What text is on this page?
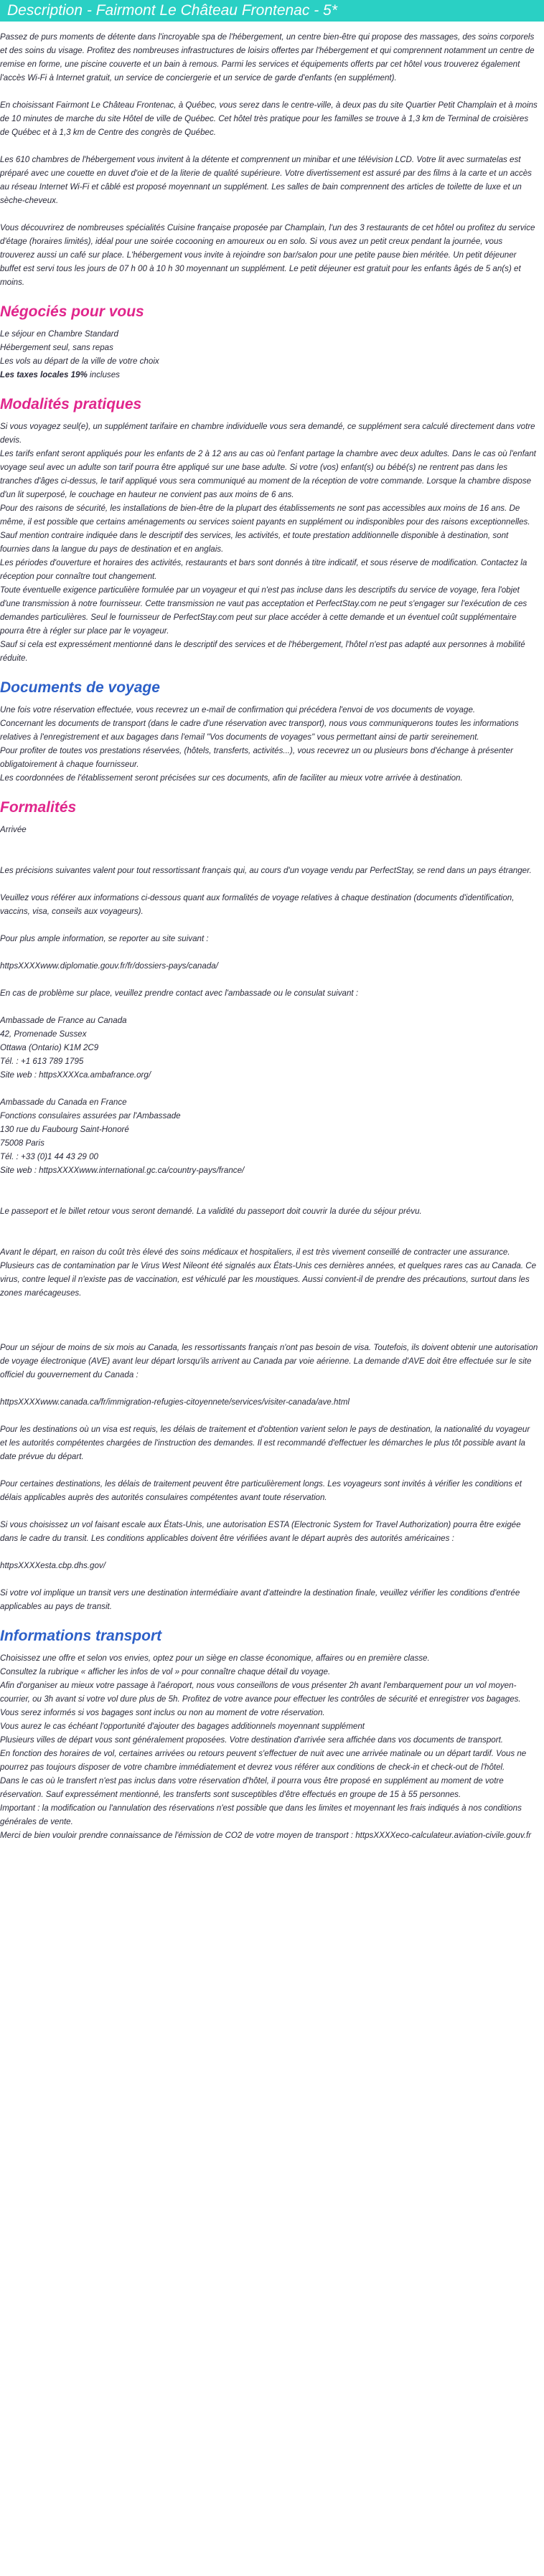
Description - Fairmont Le Château Frontenac - 5*

Passez de purs moments de détente dans l'incroyable spa de l'hébergement, un centre bien-être qui propose des massages, des soins corporels et des soins du visage. Profitez des nombreuses infrastructures de loisirs offertes par l'hébergement et qui comprennent notamment un centre de remise en forme, une piscine couverte et un bain à remous. Parmi les services et équipements offerts par cet hôtel vous trouverez également l'accès Wi-Fi à Internet gratuit, un service de conciergerie et un service de garde d'enfants (en supplément).

En choisissant Fairmont Le Château Frontenac, à Québec, vous serez dans le centre-ville, à deux pas du site Quartier Petit Champlain et à moins de 10 minutes de marche du site Hôtel de ville de Québec. Cet hôtel très pratique pour les familles se trouve à 1,3 km de Terminal de croisières de Québec et à 1,3 km de Centre des congrès de Québec.

Les 610 chambres de l'hébergement vous invitent à la détente et comprennent un minibar et une télévision LCD. Votre lit avec surmatelas est préparé avec une couette en duvet d'oie et de la literie de qualité supérieure. Votre divertissement est assuré par des films à la carte et un accès au réseau Internet Wi-Fi et câblé est proposé moyennant un supplément. Les salles de bain comprennent des articles de toilette de luxe et un sèche-cheveux.

Vous découvrirez de nombreuses spécialités Cuisine française proposée par Champlain, l'un des 3 restaurants de cet hôtel ou profitez du service d'étage (horaires limités), idéal pour une soirée cocooning en amoureux ou en solo. Si vous avez un petit creux pendant la journée, vous trouverez aussi un café sur place. L'hébergement vous invite à rejoindre son bar/salon pour une petite pause bien méritée. Un petit déjeuner buffet est servi tous les jours de 07 h 00 à 10 h 30 moyennant un supplément. Le petit déjeuner est gratuit pour les enfants âgés de 5 an(s) et moins.

Négociés pour vous

Le séjour en Chambre Standard

Hébergement seul, sans repas

Les vols au départ de la ville de votre choix

Les taxes locales 19% incluses

Modalités pratiques

Si vous voyagez seul(e), un supplément tarifaire en chambre individuelle vous sera demandé, ce supplément sera calculé directement dans votre devis.

Les tarifs enfant seront appliqués pour les enfants de 2 à 12 ans au cas où l'enfant partage la chambre avec deux adultes. Dans le cas où l'enfant voyage seul avec un adulte son tarif pourra être appliqué sur une base adulte. Si votre (vos) enfant(s) ou bébé(s) ne rentrent pas dans les tranches d'âges ci-dessus, le tarif appliqué vous sera communiqué au moment de la réception de votre commande. Lorsque la chambre dispose d'un lit superposé, le couchage en hauteur ne convient pas aux moins de 6 ans.

Pour des raisons de sécurité, les installations de bien-être de la plupart des établissements ne sont pas accessibles aux moins de 16 ans. De même, il est possible que certains aménagements ou services soient payants en supplément ou indisponibles pour des raisons exceptionnelles.

Sauf mention contraire indiquée dans le descriptif des services, les activités, et toute prestation additionnelle disponible à destination, sont fournies dans la langue du pays de destination et en anglais.

Les périodes d'ouverture et horaires des activités, restaurants et bars sont donnés à titre indicatif, et sous réserve de modification. Contactez la réception pour connaître tout changement.

Toute éventuelle exigence particulière formulée par un voyageur et qui n'est pas incluse dans les descriptifs du service de voyage, fera l'objet d'une transmission à notre fournisseur. Cette transmission ne vaut pas acceptation et PerfectStay.com ne peut s'engager sur l'exécution de ces demandes particulières. Seul le fournisseur de PerfectStay.com peut sur place accéder à cette demande et un éventuel coût supplémentaire pourra être à régler sur place par le voyageur.

Sauf si cela est expressément mentionné dans le descriptif des services et de l'hébergement, l'hôtel n'est pas adapté aux personnes à mobilité réduite.

Documents de voyage

Une fois votre réservation effectuée, vous recevrez un e-mail de confirmation qui précédera l'envoi de vos documents de voyage.

Concernant les documents de transport (dans le cadre d'une réservation avec transport), nous vous communiquerons toutes les informations relatives à l'enregistrement et aux bagages dans l'email "Vos documents de voyages" vous permettant ainsi de partir sereinement.

Pour profiter de toutes vos prestations réservées, (hôtels, transferts, activités...), vous recevrez un ou plusieurs bons d'échange à présenter obligatoirement à chaque fournisseur.

Les coordonnées de l'établissement seront précisées sur ces documents, afin de faciliter au mieux votre arrivée à destination.

Formalités

Arrivée

Les précisions suivantes valent pour tout ressortissant français qui, au cours d'un voyage vendu par PerfectStay, se rend dans un pays étranger.

Veuillez vous référer aux informations ci-dessous quant aux formalités de voyage relatives à chaque destination (documents d'identification, vaccins, visa, conseils aux voyageurs).

Pour plus ample information, se reporter au site suivant :

httpsXXXXwww.diplomatie.gouv.fr/fr/dossiers-pays/canada/

En cas de problème sur place, veuillez prendre contact avec l'ambassade ou le consulat suivant :

Ambassade de France au Canada

42, Promenade Sussex

Ottawa (Ontario) K1M 2C9

Tél. : +1 613 789 1795

Site web : httpsXXXXca.ambafrance.org/

Ambassade du Canada en France

Fonctions consulaires assurées par l'Ambassade

130 rue du Faubourg Saint-Honoré

75008 Paris

Tél. : +33 (0)1 44 43 29 00

Site web : httpsXXXXwww.international.gc.ca/country-pays/france/

Le passeport et le billet retour vous seront demandé. La validité du passeport doit couvrir la durée du séjour prévu.

Avant le départ, en raison du coût très élevé des soins médicaux et hospitaliers, il est très vivement conseillé de contracter une assurance.

Plusieurs cas de contamination par le Virus West Nileont été signalés aux États-Unis ces dernières années, et quelques rares cas au Canada. Ce virus, contre lequel il n'existe pas de vaccination, est véhiculé par les moustiques. Aussi convient-il de prendre des précautions, surtout dans les zones marécageuses.

Pour un séjour de moins de six mois au Canada, les ressortissants français n'ont pas besoin de visa. Toutefois, ils doivent obtenir une autorisation de voyage électronique (AVE) avant leur départ lorsqu'ils arrivent au Canada par voie aérienne. La demande d'AVE doit être effectuée sur le site officiel du gouvernement du Canada :

httpsXXXXwww.canada.ca/fr/immigration-refugies-citoyennete/services/visiter-canada/ave.html

Pour les destinations où un visa est requis, les délais de traitement et d'obtention varient selon le pays de destination, la nationalité du voyageur et les autorités compétentes chargées de l'instruction des demandes. Il est recommandé d'effectuer les démarches le plus tôt possible avant la date prévue du départ.

Pour certaines destinations, les délais de traitement peuvent être particulièrement longs. Les voyageurs sont invités à vérifier les conditions et délais applicables auprès des autorités consulaires compétentes avant toute réservation.

Si vous choisissez un vol faisant escale aux États-Unis, une autorisation ESTA (Electronic System for Travel Authorization) pourra être exigée dans le cadre du transit. Les conditions applicables doivent être vérifiées avant le départ auprès des autorités américaines :

httpsXXXXesta.cbp.dhs.gov/

Si votre vol implique un transit vers une destination intermédiaire avant d'atteindre la destination finale, veuillez vérifier les conditions d'entrée applicables au pays de transit.

Informations transport

Choisissez une offre et selon vos envies, optez pour un siège en classe économique, affaires ou en première classe.

Consultez la rubrique « afficher les infos de vol » pour connaître chaque détail du voyage.

Afin d'organiser au mieux votre passage à l'aéroport, nous vous conseillons de vous présenter 2h avant l'embarquement pour un vol moyen-courrier, ou 3h avant si votre vol dure plus de 5h. Profitez de votre avance pour effectuer les contrôles de sécurité et enregistrer vos bagages.

Vous serez informés si vos bagages sont inclus ou non au moment de votre réservation.

Vous aurez le cas échéant l'opportunité d'ajouter des bagages additionnels moyennant supplément

Plusieurs villes de départ vous sont généralement proposées. Votre destination d'arrivée sera affichée dans vos documents de transport.

En fonction des horaires de vol, certaines arrivées ou retours peuvent s'effectuer de nuit avec une arrivée matinale ou un départ tardif. Vous ne pourrez pas toujours disposer de votre chambre immédiatement et devrez vous référer aux conditions de check-in et check-out de l'hôtel.

Dans le cas où le transfert n'est pas inclus dans votre réservation d'hôtel, il pourra vous être proposé en supplément au moment de votre réservation. Sauf expressément mentionné, les transferts sont susceptibles d'être effectués en groupe de 15 à 55 personnes.

Important : la modification ou l'annulation des réservations n'est possible que dans les limites et moyennant les frais indiqués à nos conditions générales de vente.

Merci de bien vouloir prendre connaissance de l'émission de CO2 de votre moyen de transport : httpsXXXXeco-calculateur.aviation-civile.gouv.fr
